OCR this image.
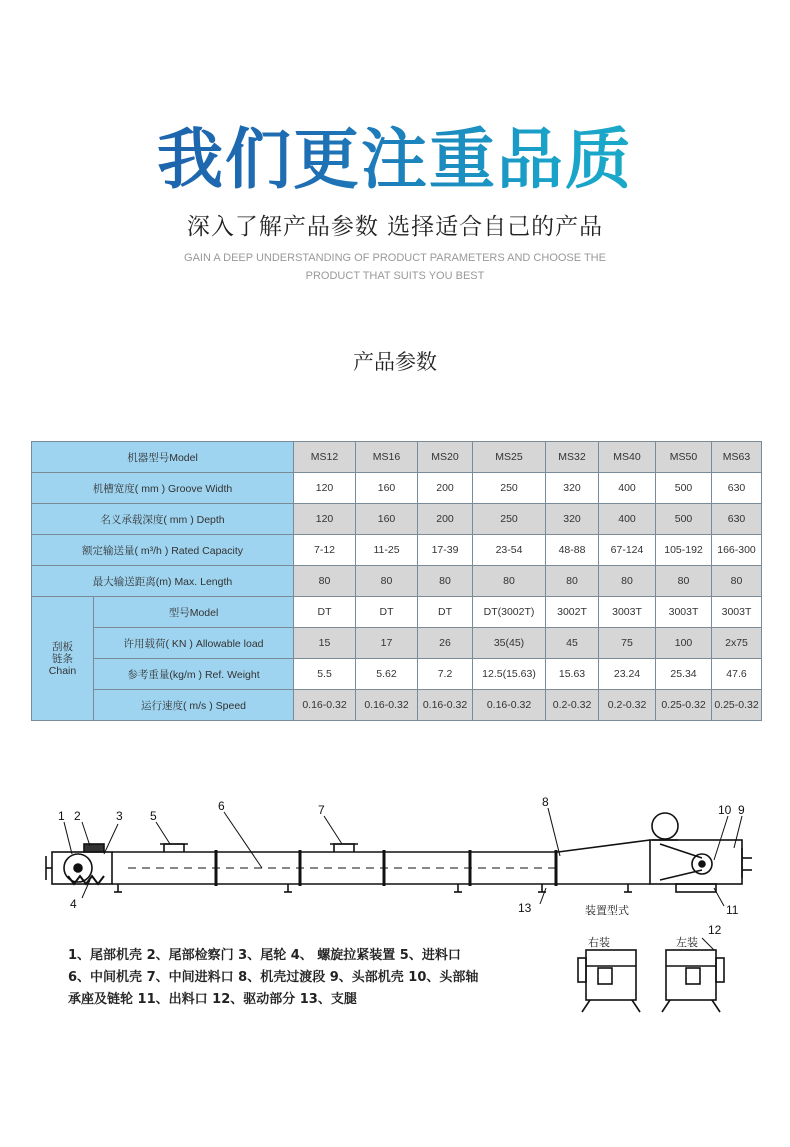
我们更注重品质
深入了解产品参数 选择适合自己的产品
GAIN A DEEP UNDERSTANDING OF PRODUCT PARAMETERS AND CHOOSE THE
PRODUCT THAT SUITS YOU BEST
产品参数
机器型号Model		MS12	MS16	MS20	MS25	MS32	MS40	MS50	MS63
机槽宽度( mm ) Groove Width		120	160	200	250	320	400	500	630
名义承载深度( mm ) Depth		120	160	200	250	320	400	500	630
额定输送量( m³/h ) Rated Capacity		7-12	11-25	17-39	23-54	48-88	67-124	105-192	166-300
最大输送距离(m) Max. Length		80	80	80	80	80	80	80	80

刮板
链条
Chain	型号Model	DT	DT	DT	DT(3002T)	3002T	3003T	3003T	3003T
	许用载荷( KN ) Allowable load	15	17	26	35(45)	45	75	100	2x75
	参考重量(kg/m ) Ref. Weight	5.5	5.62	7.2	12.5(15.63)	15.63	23.24	25.34	47.6
	运行速度( m/s ) Speed	0.16-0.32	0.16-0.32	0.16-0.32	0.16-0.32	0.2-0.32	0.2-0.32	0.25-0.32	0.25-0.32
1 2	3
4
5
6	7
8
9
10
11
12
13	装置型式
右装	左装
1、尾部机壳 2、尾部检察门 3、尾轮 4、 螺旋拉紧装置 5、进料口
6、中间机壳 7、中间进料口 8、机壳过渡段 9、头部机壳 10、头部轴
承座及链轮 11、出料口 12、驱动部分 13、支腿
